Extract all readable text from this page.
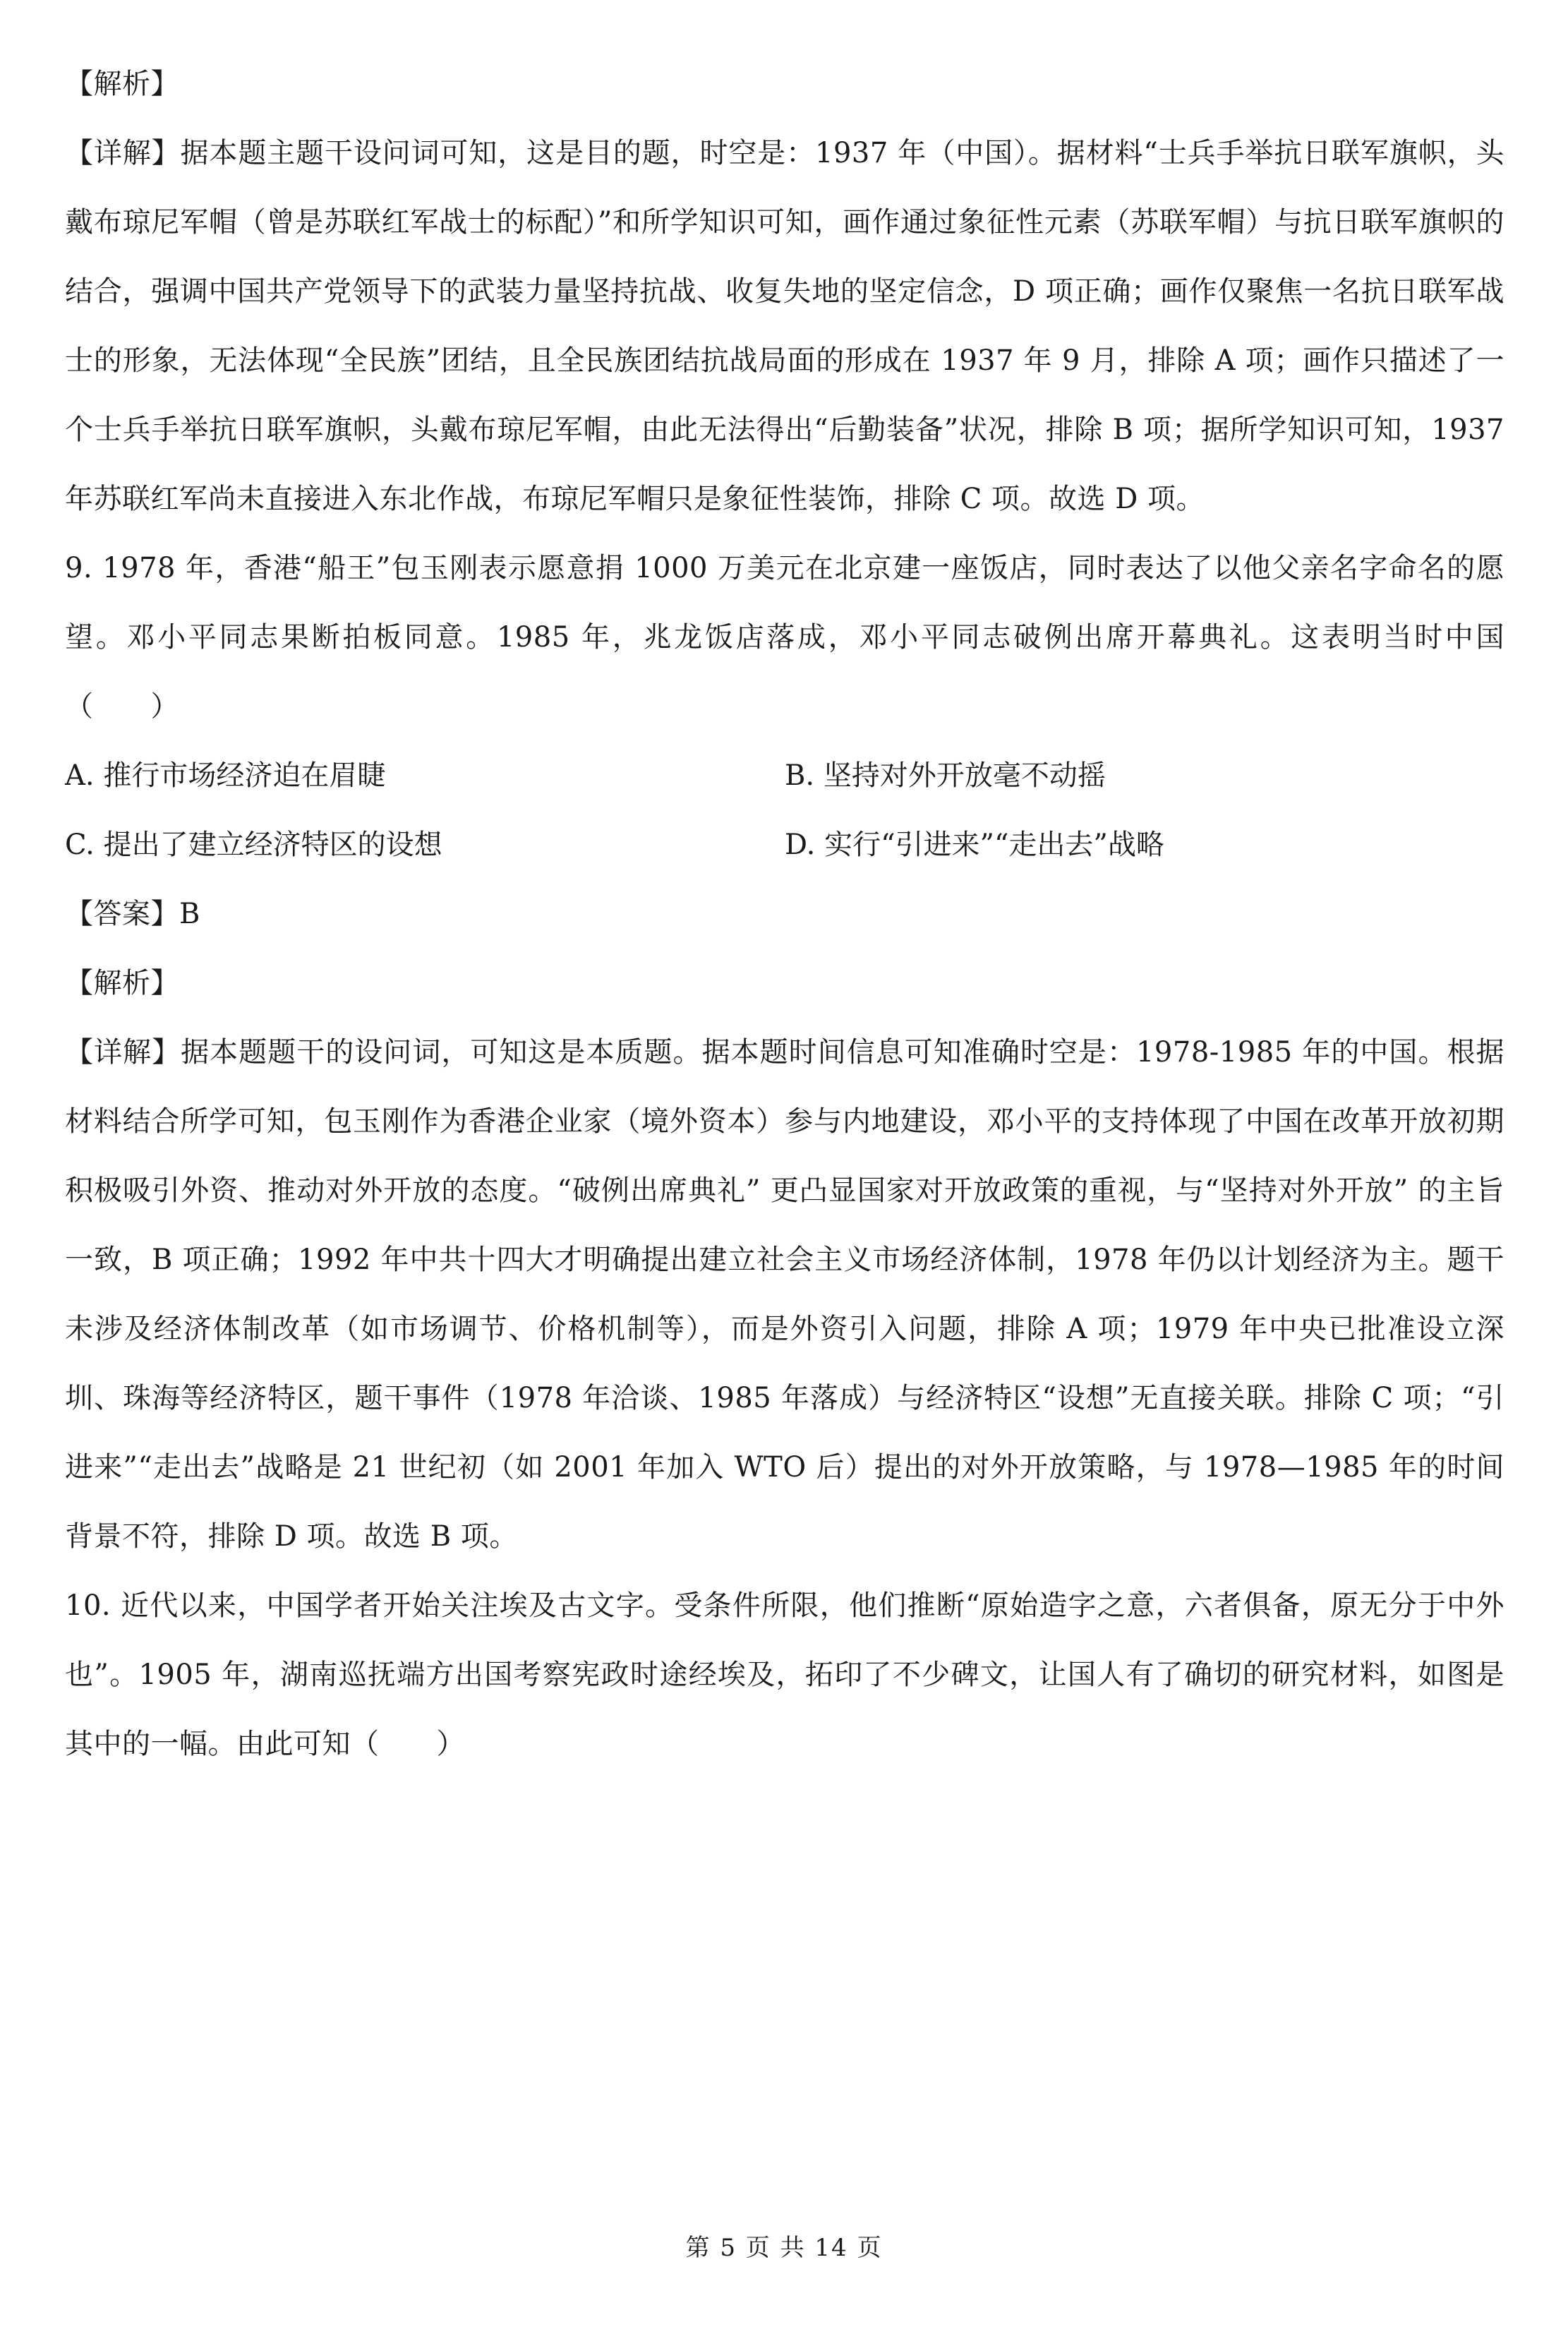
【解析】

【详解】据本题主题干设问词可知，这是目的题，时空是：1937 年（中国）。据材料“士兵手举抗日联军旗帜，头戴布琼尼军帽（曾是苏联红军战士的标配）”和所学知识可知，画作通过象征性元素（苏联军帽）与抗日联军旗帜的结合，强调中国共产党领导下的武装力量坚持抗战、收复失地的坚定信念，D 项正确；画作仅聚焦一名抗日联军战士的形象，无法体现“全民族”团结，且全民族团结抗战局面的形成在 1937 年 9 月，排除 A 项；画作只描述了一个士兵手举抗日联军旗帜，头戴布琼尼军帽，由此无法得出“后勤装备”状况，排除 B 项；据所学知识可知，1937 年苏联红军尚未直接进入东北作战，布琼尼军帽只是象征性装饰，排除 C 项。故选 D 项。

9. 1978 年，香港“船王”包玉刚表示愿意捐 1000 万美元在北京建一座饭店，同时表达了以他父亲名字命名的愿望。邓小平同志果断拍板同意。1985 年，兆龙饭店落成，邓小平同志破例出席开幕典礼。这表明当时中国（　　）

A. 推行市场经济迫在眉睫	B. 坚持对外开放毫不动摇
C. 提出了建立经济特区的设想	D. 实行“引进来”“走出去”战略

【答案】B

【解析】

【详解】据本题题干的设问词，可知这是本质题。据本题时间信息可知准确时空是：1978-1985 年的中国。根据材料结合所学可知，包玉刚作为香港企业家（境外资本）参与内地建设，邓小平的支持体现了中国在改革开放初期积极吸引外资、推动对外开放的态度。“破例出席典礼” 更凸显国家对开放政策的重视，与“坚持对外开放” 的主旨一致，B 项正确；1992 年中共十四大才明确提出建立社会主义市场经济体制，1978 年仍以计划经济为主。题干未涉及经济体制改革（如市场调节、价格机制等），而是外资引入问题，排除 A 项；1979 年中央已批准设立深圳、珠海等经济特区，题干事件（1978 年洽谈、1985 年落成）与经济特区“设想”无直接关联。排除 C 项；“引进来”“走出去”战略是 21 世纪初（如 2001 年加入 WTO 后）提出的对外开放策略，与 1978—1985 年的时间背景不符，排除 D 项。故选 B 项。

10. 近代以来，中国学者开始关注埃及古文字。受条件所限，他们推断“原始造字之意，六者俱备，原无分于中外也”。1905 年，湖南巡抚端方出国考察宪政时途经埃及，拓印了不少碑文，让国人有了确切的研究材料，如图是其中的一幅。由此可知（　　）

第 5 页 共 14 页
